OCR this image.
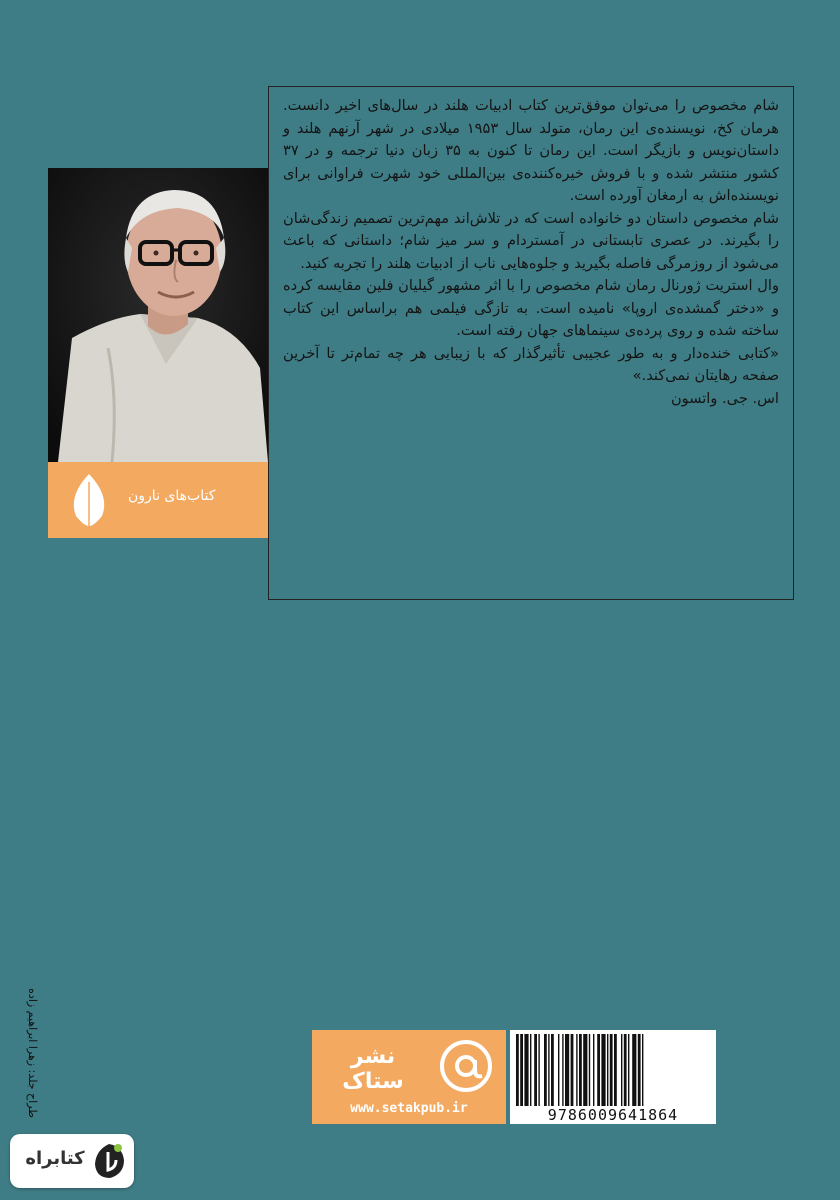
کتاب‌های نارون

شام مخصوص را می‌توان موفق‌ترین کتاب ادبیات هلند در سال‌های اخیر دانست. هرمان کخ، نویسنده‌ی این رمان، متولد سال ۱۹۵۳ میلادی در شهر آرنهم هلند و داستان‌نویس و بازیگر است. این رمان تا کنون به ۳۵ زبان دنیا ترجمه و در ۳۷ کشور منتشر شده و با فروش خیره‌کننده‌ی بین‌المللی خود شهرت فراوانی برای نویسنده‌اش به ارمغان آورده است.

شام مخصوص داستان دو خانواده است که در تلاش‌اند مهم‌ترین تصمیم زندگی‌شان را بگیرند. در عصری تابستانی در آمستردام و سر میز شام؛ داستانی که باعث می‌شود از روزمرگی فاصله بگیرید و جلوه‌هایی ناب از ادبیات هلند را تجربه کنید.

وال استریت ژورنال رمان شام مخصوص را با اثر مشهور گیلیان فلین مقایسه کرده و «دختر گمشده‌ی اروپا» نامیده است. به تازگی فیلمی هم براساس این کتاب ساخته شده و روی پرده‌ی سینماهای جهان رفته است.

«کتابی خنده‌دار و به طور عجیبی تأثیرگذار که با زیبایی هر چه تمام‌تر تا آخرین صفحه رهایتان نمی‌کند.»

اس. جی. واتسون

طراح جلد: زهرا ابراهیم زاده	نشر ستاک
www.setakpub.ir	9786009641864
کتابراه
